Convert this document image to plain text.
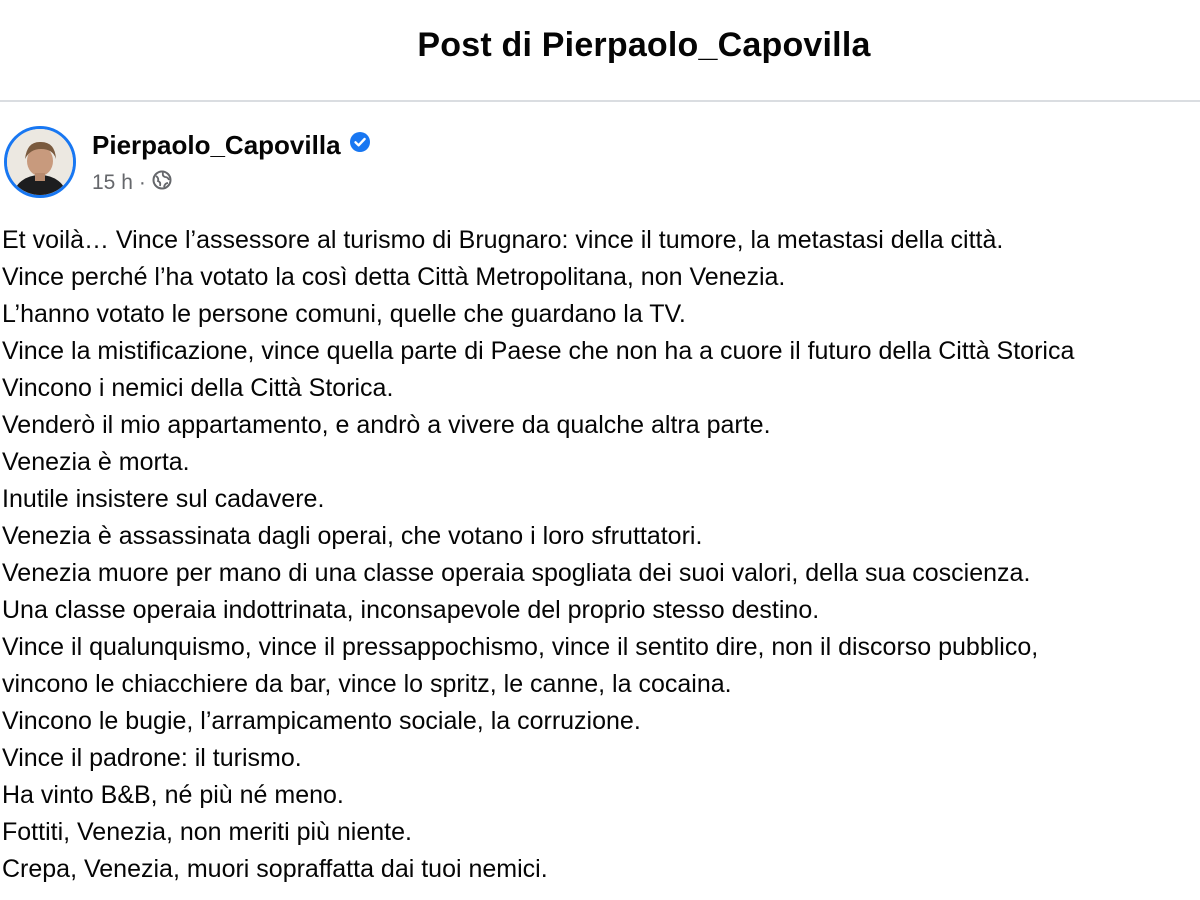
Post di Pierpaolo_Capovilla
Pierpaolo_Capovilla
15 h ·
Et voilà… Vince l’assessore al turismo di Brugnaro: vince il tumore, la metastasi della città.
Vince perché l’ha votato la così detta Città Metropolitana, non Venezia.
L’hanno votato le persone comuni, quelle che guardano la TV.
Vince la mistificazione, vince quella parte di Paese che non ha a cuore il futuro della Città Storica
Vincono i nemici della Città Storica.
Venderò il mio appartamento, e andrò a vivere da qualche altra parte.
Venezia è morta.
Inutile insistere sul cadavere.
Venezia è assassinata dagli operai, che votano i loro sfruttatori.
Venezia muore per mano di una classe operaia spogliata dei suoi valori, della sua coscienza.
Una classe operaia indottrinata, inconsapevole del proprio stesso destino.
Vince il qualunquismo, vince il pressappochismo, vince il sentito dire, non il discorso pubblico,
vincono le chiacchiere da bar, vince lo spritz, le canne, la cocaina.
Vincono le bugie, l’arrampicamento sociale, la corruzione.
Vince il padrone: il turismo.
Ha vinto B&B, né più né meno.
Fottiti, Venezia, non meriti più niente.
Crepa, Venezia, muori sopraffatta dai tuoi nemici.
